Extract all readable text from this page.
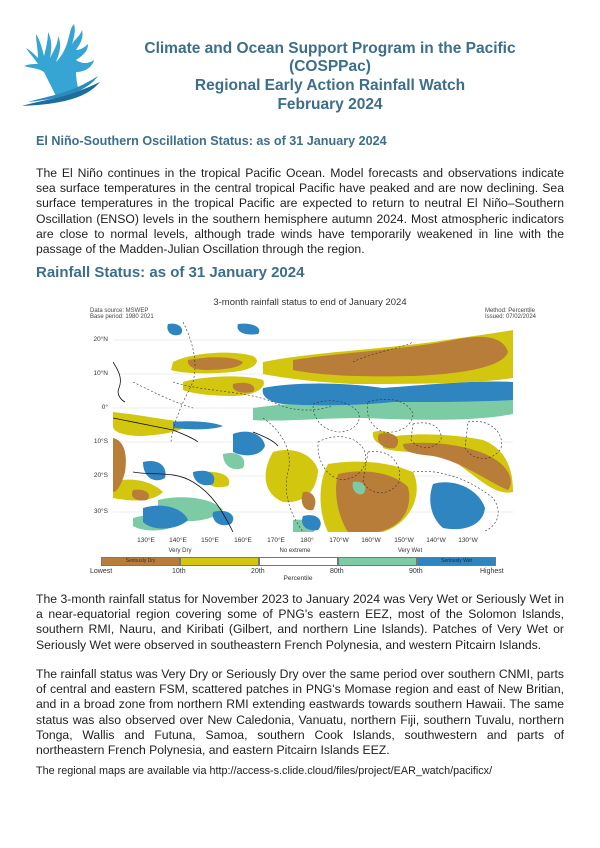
Climate and Ocean Support Program in the Pacific
(COSPPac)
Regional Early Action Rainfall Watch
February 2024
El Niño-Southern Oscillation Status: as of 31 January 2024
The El Niño continues in the tropical Pacific Ocean. Model forecasts and observations indicate sea surface temperatures in the central tropical Pacific have peaked and are now declining. Sea surface temperatures in the tropical Pacific are expected to return to neutral El Niño–Southern Oscillation (ENSO) levels in the southern hemisphere autumn 2024. Most atmospheric indicators are close to normal levels, although trade winds have temporarily weakened in line with the passage of the Madden-Julian Oscillation through the region.
Rainfall Status: as of 31 January 2024
3-month rainfall status to end of January 2024
Data source: MSWEP
Base period: 1980 2021
Method: Percentile
Issued: 07/02/2024
20°N
10°N
0°
10°S
20°S
30°S
130°E	140°E	150°E	160°E	170°E	180°	170°W	160°W	150°W	140°W	130°W
Very Dry	No extreme	Very Wet
Seriously Dry	Seriously Wet
Lowest	10th	20th	80th	90th	Highest
Percentile
The 3-month rainfall status for November 2023 to January 2024 was Very Wet or Seriously Wet in a near-equatorial region covering some of PNG's eastern EEZ, most of the Solomon Islands, southern RMI, Nauru, and Kiribati (Gilbert, and northern Line Islands). Patches of Very Wet or Seriously Wet were observed in southeastern French Polynesia, and western Pitcairn Islands.
The rainfall status was Very Dry or Seriously Dry over the same period over southern CNMI, parts of central and eastern FSM, scattered patches in PNG's Momase region and east of New Britian, and in a broad zone from northern RMI extending eastwards towards southern Hawaii. The same status was also observed over New Caledonia, Vanuatu, northern Fiji, southern Tuvalu, northern Tonga, Wallis and Futuna, Samoa, southern Cook Islands, southwestern and parts of northeastern French Polynesia, and eastern Pitcairn Islands EEZ.
The regional maps are available via http://access-s.clide.cloud/files/project/EAR_watch/pacificx/
